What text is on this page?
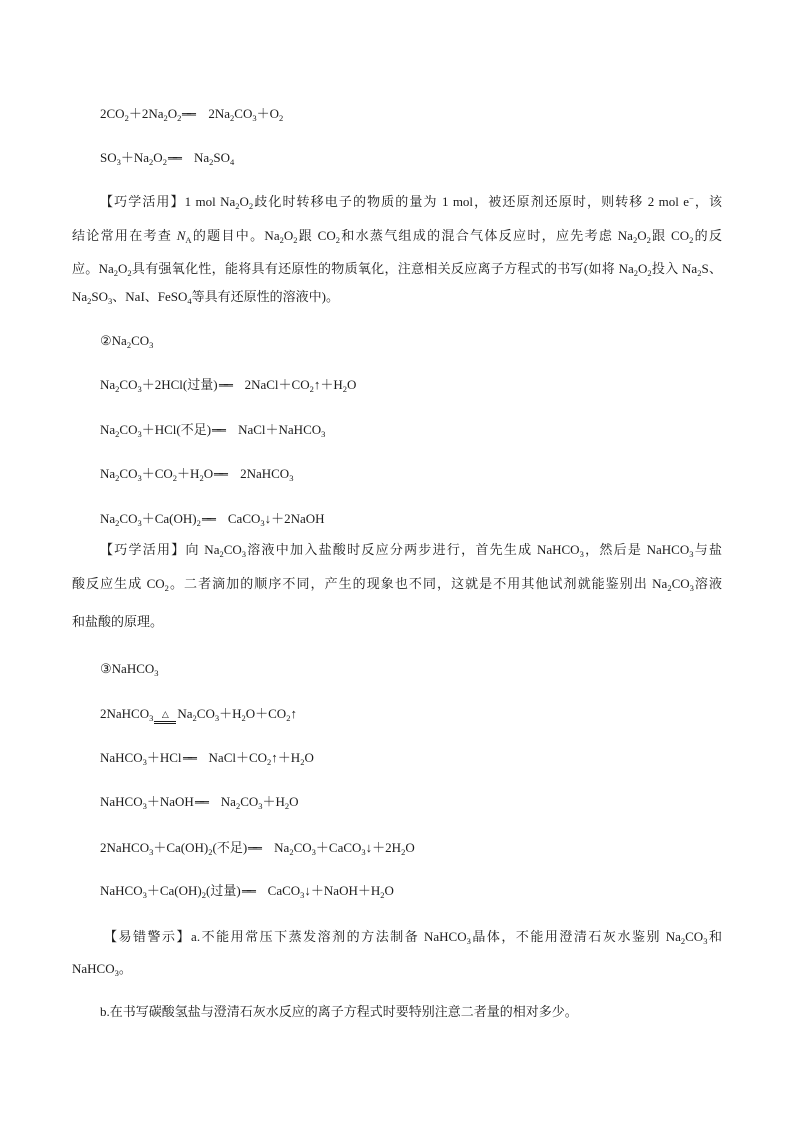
$2CO_2+2Na_2O_2══$ $2Na_2CO_3+O_2$
$SO_3+Na_2O_2══$ $Na_2SO_4$
【巧学活用】1 mol $Na_2O_2$歧化时转移电子的物质的量为 1 mol，被还原剂还原时，则转移 2 mol e−，该
结论常用在考查 $N_A$的题目中。$Na_2O_2$跟 $CO_2$和水蒸气组成的混合气体反应时，应先考虑 $Na_2O_2$跟 $CO_2$的反
应。$Na_2O_2$具有强氧化性，能将具有还原性的物质氧化，注意相关反应离子方程式的书写(如将 $Na_2O_2$投入 $Na_2S$、
$Na_2SO_3$、NaI、FeSO$_4$等具有还原性的溶液中)。
$②Na_2CO_3$
$Na_2CO_3+2HCl$(过量)══ $2NaCl+CO_2↑+H_2O$
$Na_2CO_3+HCl$(不足)══ NaCl＋NaHCO$_3$
$Na_2CO_3+CO_2+H_2O══$ 2NaHCO$_3$
$Na_2CO_3+Ca(OH)_2══$ CaCO$_3$↓＋2NaOH
【巧学活用】向 $Na_2CO_3$溶液中加入盐酸时反应分两步进行，首先生成 NaHCO$_3$，然后是 NaHCO$_3$与盐
酸反应生成 $CO_2$。二者滴加的顺序不同，产生的现象也不同，这就是不用其他试剂就能鉴别出 $Na_2CO_3$溶液
和盐酸的原理。
③NaHCO$_3$
2NaHCO$_3$ △ $Na_2CO_3+H_2O+CO_2↑$
NaHCO$_3$＋HCl══ $NaCl+CO_2↑+H_2O$
NaHCO$_3$＋NaOH══ $Na_2CO_3+H_2O$
$2NaHCO_3+Ca(OH)_2$(不足)══ $Na_2CO_3+CaCO_3↓+2H_2O$
$NaHCO_3+Ca(OH)_2$(过量)══ $CaCO_3↓+NaOH+H_2O$
【易错警示】a.不能用常压下蒸发溶剂的方法制备 NaHCO$_3$晶体，不能用澄清石灰水鉴别 $Na_2CO_3$和
NaHCO$_3$。
b.在书写碳酸氢盐与澄清石灰水反应的离子方程式时要特别注意二者量的相对多少。
